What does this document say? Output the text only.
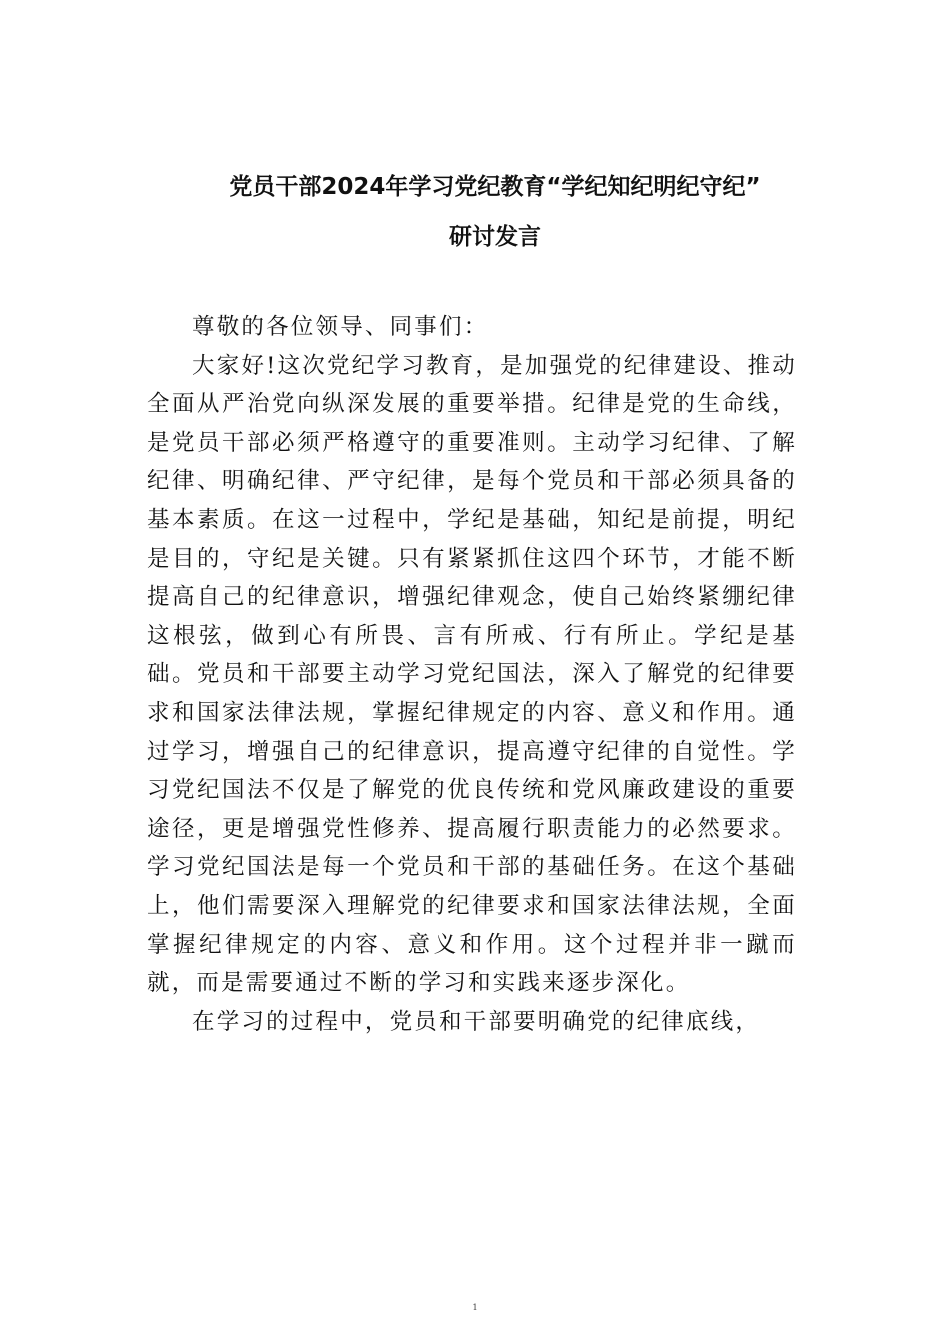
党员干部2024年学习党纪教育“学纪知纪明纪守纪”
研讨发言

尊敬的各位领导、同事们：

大家好!这次党纪学习教育，是加强党的纪律建设、推动全面从严治党向纵深发展的重要举措。纪律是党的生命线，是党员干部必须严格遵守的重要准则。主动学习纪律、了解纪律、明确纪律、严守纪律，是每个党员和干部必须具备的基本素质。在这一过程中，学纪是基础，知纪是前提，明纪是目的，守纪是关键。只有紧紧抓住这四个环节，才能不断提高自己的纪律意识，增强纪律观念，使自己始终紧绷纪律这根弦，做到心有所畏、言有所戒、行有所止。学纪是基础。党员和干部要主动学习党纪国法，深入了解党的纪律要求和国家法律法规，掌握纪律规定的内容、意义和作用。通过学习，增强自己的纪律意识，提高遵守纪律的自觉性。学习党纪国法不仅是了解党的优良传统和党风廉政建设的重要途径，更是增强党性修养、提高履行职责能力的必然要求。学习党纪国法是每一个党员和干部的基础任务。在这个基础上，他们需要深入理解党的纪律要求和国家法律法规，全面掌握纪律规定的内容、意义和作用。这个过程并非一蹴而就，而是需要通过不断的学习和实践来逐步深化。

在学习的过程中，党员和干部要明确党的纪律底线，

1
